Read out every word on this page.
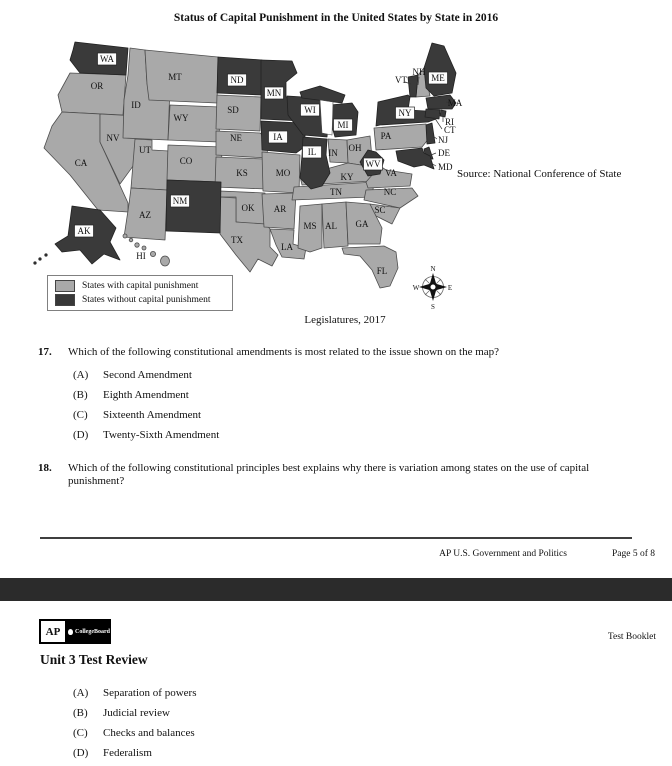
Status of Capital Punishment in the United States by State in 2016
OR
CA
NV
ID
MT
WY
UT
CO
AZ
SD
NE
KS
OK
TX
MO
AR
LA
IN OH
KY
TN
MS AL GA
SC
NC
VA
FL
PA
HI
VT
NH
MA
RI
CT
NJ
DE
MD
WA
ND
MN
WI
MI
IA
IL
NM
AK
WV
NY
ME
N
E
S
W
Source: National Conference of State
States with capital punishment
States without capital punishment
Legislatures, 2017
17.	Which of the following constitutional amendments is most related to the issue shown on the map?
(A)	Second Amendment
(B)	Eighth Amendment
(C)	Sixteenth Amendment
(D)	Twenty-Sixth Amendment
18.	Which of the following constitutional principles best explains why there is variation among states on the use of capital punishment?
AP U.S. Government and Politics	Page 5 of 8
AP	CollegeBoard
Test Booklet
Unit 3 Test Review
(A)	Separation of powers
(B)	Judicial review
(C)	Checks and balances
(D)	Federalism
